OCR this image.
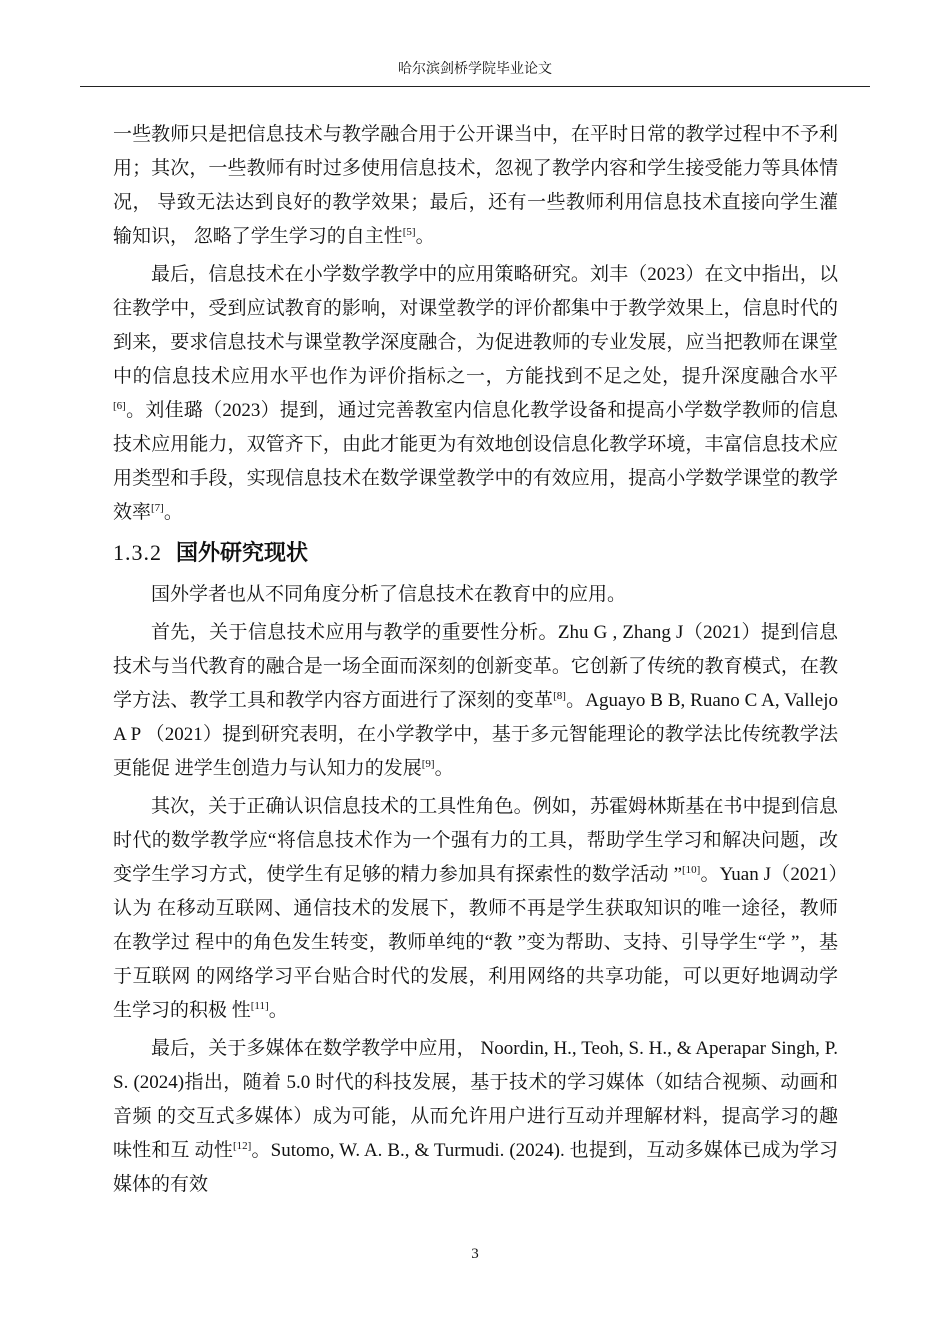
哈尔滨剑桥学院毕业论文

一些教师只是把信息技术与教学融合用于公开课当中，在平时日常的教学过程中不予利用；其次，一些教师有时过多使用信息技术，忽视了教学内容和学生接受能力等具体情况， 导致无法达到良好的教学效果；最后，还有一些教师利用信息技术直接向学生灌输知识， 忽略了学生学习的自主性[5]。

最后，信息技术在小学数学教学中的应用策略研究。刘丰（2023）在文中指出，以往教学中，受到应试教育的影响，对课堂教学的评价都集中于教学效果上，信息时代的到来，要求信息技术与课堂教学深度融合，为促进教师的专业发展，应当把教师在课堂中的信息技术应用水平也作为评价指标之一，方能找到不足之处，提升深度融合水平[6]。刘佳璐（2023）提到，通过完善教室内信息化教学设备和提高小学数学教师的信息技术应用能力，双管齐下，由此才能更为有效地创设信息化教学环境，丰富信息技术应用类型和手段，实现信息技术在数学课堂教学中的有效应用，提高小学数学课堂的教学效率[7]。

1.3.2 国外研究现状

国外学者也从不同角度分析了信息技术在教育中的应用。

首先，关于信息技术应用与教学的重要性分析。Zhu G , Zhang J（2021）提到信息技术与当代教育的融合是一场全面而深刻的创新变革。它创新了传统的教育模式，在教学方法、教学工具和教学内容方面进行了深刻的变革[8]。Aguayo B B, Ruano C A, Vallejo A P （2021）提到研究表明，在小学教学中，基于多元智能理论的教学法比传统教学法更能促 进学生创造力与认知力的发展[9]。

其次，关于正确认识信息技术的工具性角色。例如，苏霍姆林斯基在书中提到信息时代的数学教学应“将信息技术作为一个强有力的工具，帮助学生学习和解决问题，改变学生学习方式，使学生有足够的精力参加具有探索性的数学活动 ”[10]。Yuan J（2021）认为 在移动互联网、通信技术的发展下，教师不再是学生获取知识的唯一途径，教师在教学过 程中的角色发生转变，教师单纯的“教 ”变为帮助、支持、引导学生“学 ”，基于互联网 的网络学习平台贴合时代的发展，利用网络的共享功能，可以更好地调动学生学习的积极 性[11]。

最后，关于多媒体在数学教学中应用， Noordin, H., Teoh, S. H., & Aperapar Singh, P. S. (2024)指出，随着 5.0 时代的科技发展，基于技术的学习媒体（如结合视频、动画和音频 的交互式多媒体）成为可能，从而允许用户进行互动并理解材料，提高学习的趣味性和互 动性[12]。Sutomo, W. A. B., & Turmudi. (2024). 也提到，互动多媒体已成为学习媒体的有效

3
